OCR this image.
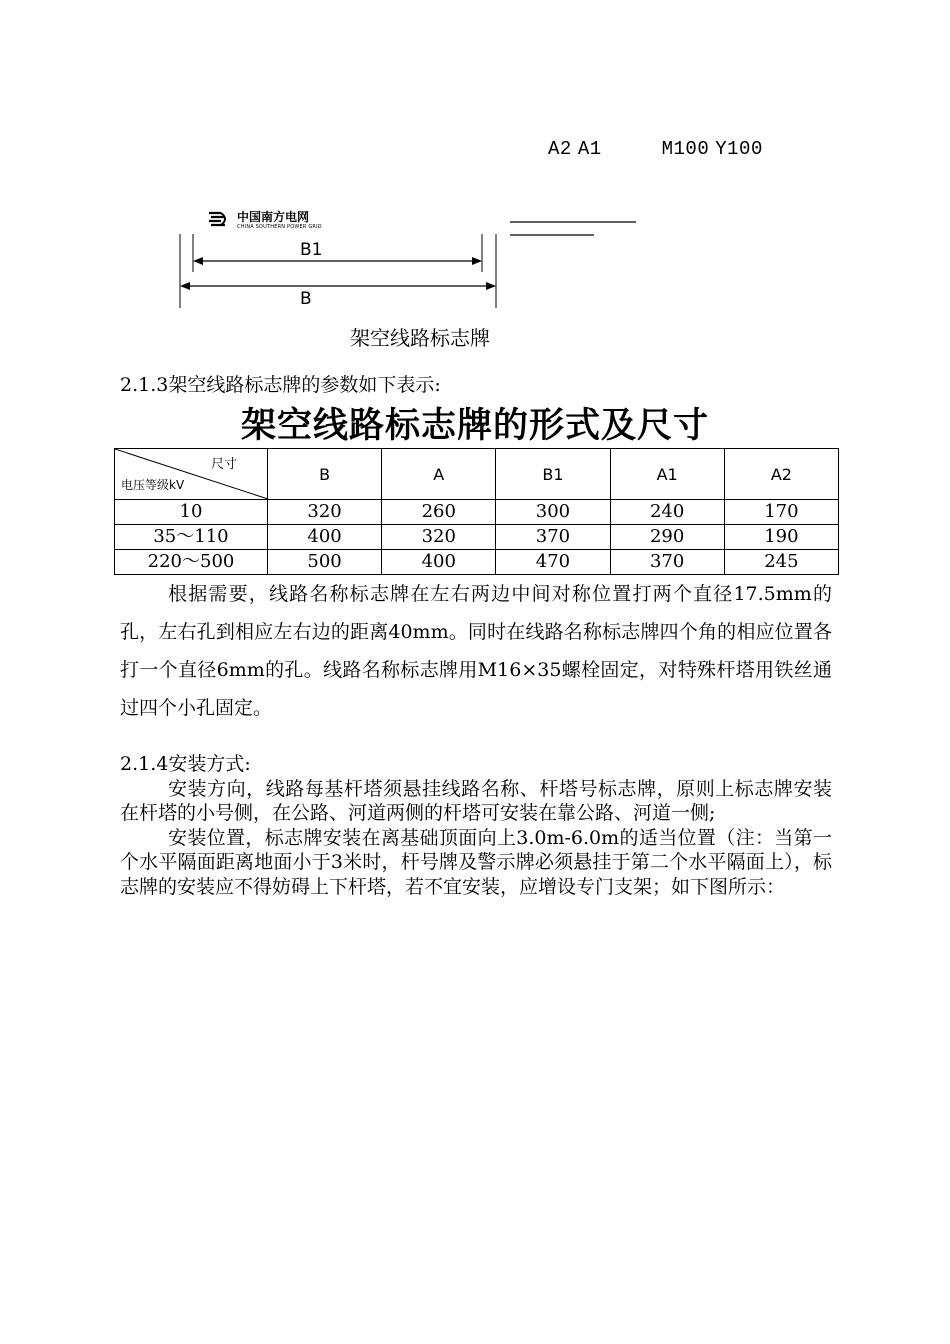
A2 A1	M100 Y100
中国南方电网
CHINA SOUTHERN POWER GRID
B1
B
架空线路标志牌
2.1.3架空线路标志牌的参数如下表示:
架空线路标志牌的形式及尺寸
尺寸
电压等级kV	B	A	B1	A1	A2
10	320	260	300	240	170
35～110	400	320	370	290	190
220～500	500	400	470	370	245

根据需要，线路名称标志牌在左右两边中间对称位置打两个直径17.5mm的孔，左右孔到相应左右边的距离40mm。同时在线路名称标志牌四个角的相应位置各打一个直径6mm的孔。线路名称标志牌用M16×35螺栓固定，对特殊杆塔用铁丝通过四个小孔固定。

2.1.4安装方式:

安装方向，线路每基杆塔须悬挂线路名称、杆塔号标志牌，原则上标志牌安装在杆塔的小号侧，在公路、河道两侧的杆塔可安装在靠公路、河道一侧;

安装位置，标志牌安装在离基础顶面向上3.0m-6.0m的适当位置（注：当第一个水平隔面距离地面小于3米时，杆号牌及警示牌必须悬挂于第二个水平隔面上），标志牌的安装应不得妨碍上下杆塔，若不宜安装，应增设专门支架；如下图所示：
